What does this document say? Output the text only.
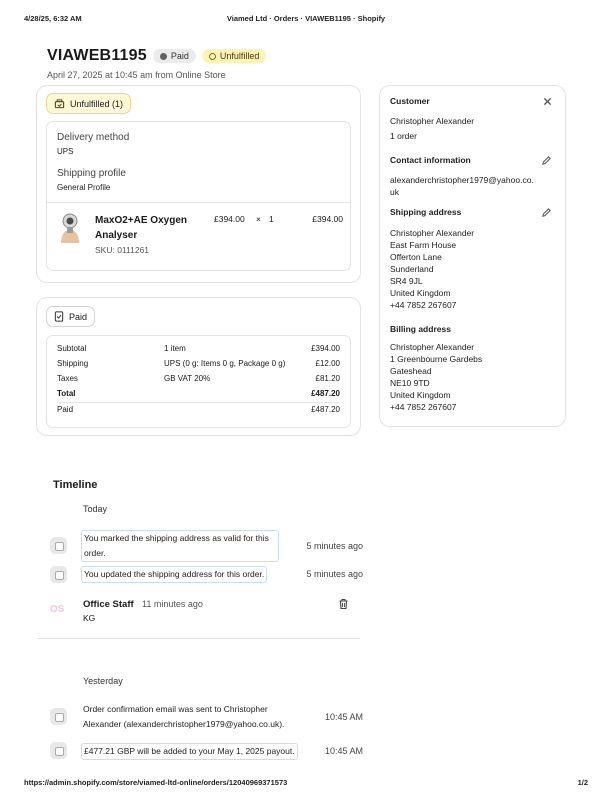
4/28/25, 6:32 AM	Viamed Ltd · Orders · VIAWEB1195 · Shopify
VIAWEB1195	Paid	Unfulfilled
April 27, 2025 at 10:45 am from Online Store
Unfulfilled (1)
Delivery method
UPS
Shipping profile
General Profile
MaxO2+AE Oxygen
Analyser
SKU: 0111261
£394.00 × 1	£394.00
Paid
Subtotal	1 item	£394.00
Shipping	UPS (0 g: Items 0 g, Package 0 g)	£12.00
Taxes	GB VAT 20%	£81.20
Total	£487.20
Paid	£487.20
Customer
Christopher Alexander
1 order
Contact information
alexanderchristopher1979@yahoo.co.
uk
Shipping address
Christopher Alexander
East Farm House
Offerton Lane
Sunderland
SR4 9JL
United Kingdom
+44 7852 267607
Billing address
Christopher Alexander
1 Greenbourne Gardebs
Gateshead
NE10 9TD
United Kingdom
+44 7852 267607
Timeline
Today
You marked the shipping address as valid for this
order.
5 minutes ago
You updated the shipping address for this order.	5 minutes ago
OS Office Staff 11 minutes ago
KG
Yesterday
Order confirmation email was sent to Christopher
Alexander (alexanderchristopher1979@yahoo.co.uk).
10:45 AM
£477.21 GBP will be added to your May 1, 2025 payout.	10:45 AM
https://admin.shopify.com/store/viamed-ltd-online/orders/12040969371573	1/2
